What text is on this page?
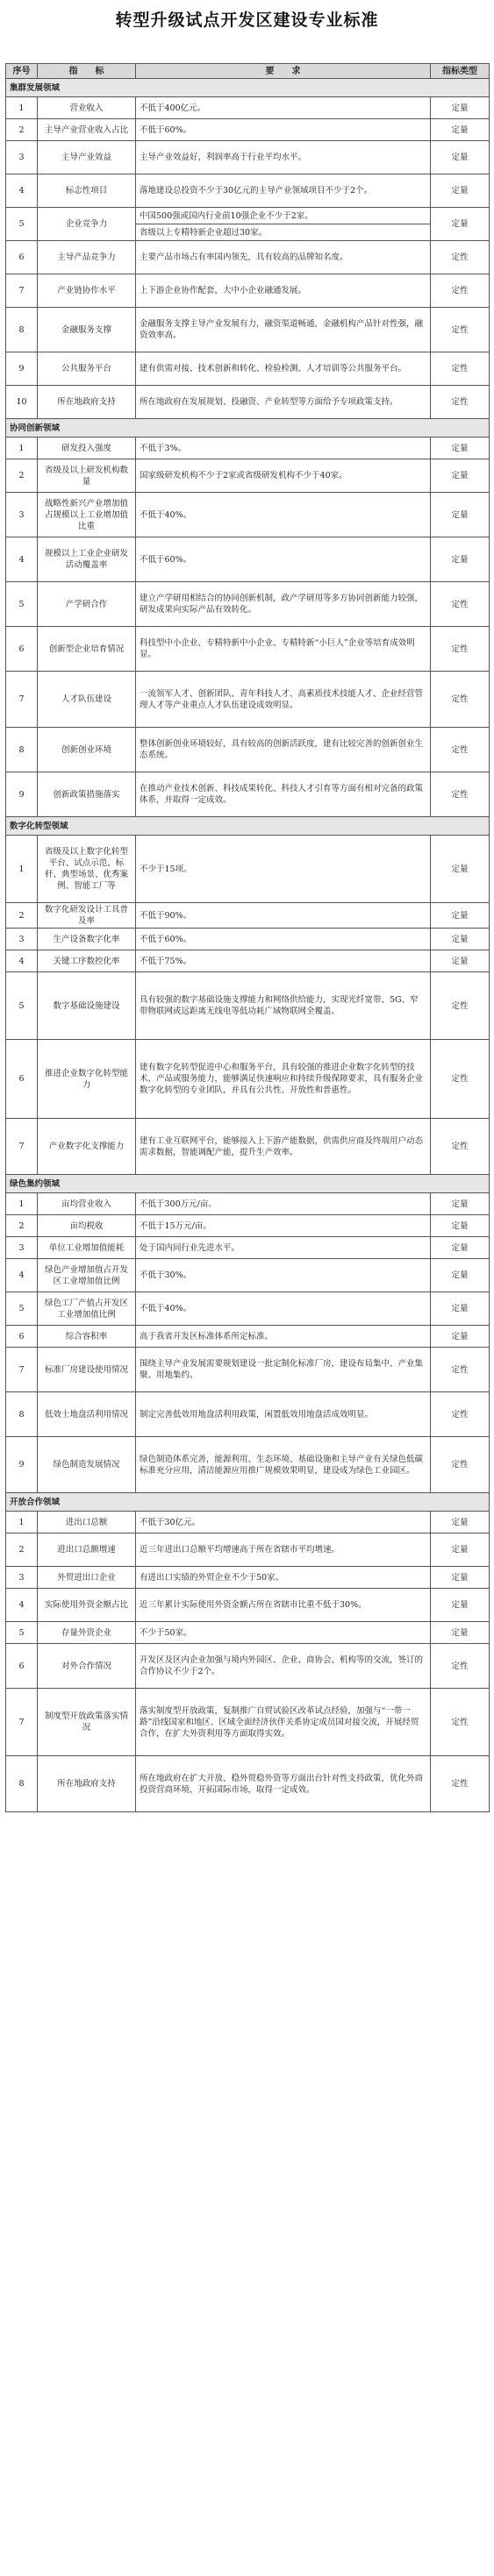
转型升级试点开发区建设专业标准
序号	指　　标	要　　求	指标类型
集群发展领域			
1	营业收入	不低于400亿元。	定量
2	主导产业营业收入占比	不低于60%。	定量
3	主导产业效益	主导产业效益好，利润率高于行业平均水平。	定量
4	标志性项目	落地建设总投资不少于30亿元的主导产业领域项目不少于2个。	定量
5	企业竞争力	中国500强或国内行业前10强企业不少于2家。	定量
		省级以上专精特新企业超过30家。	
6	主导产品竞争力	主要产品市场占有率国内领先，具有较高的品牌知名度。	定性
7	产业链协作水平	上下游企业协作配套，大中小企业融通发展。	定性
8	金融服务支撑	金融服务支撑主导产业发展有力，融资渠道畅通，金融机构产品针对性强，融资效率高。	定性
9	公共服务平台	建有供需对接、技术创新和转化、检验检测、人才培训等公共服务平台。	定性
10	所在地政府支持	所在地政府在发展规划、投融资、产业转型等方面给予专项政策支持。	定性
协同创新领域			
1	研发投入强度	不低于3%。	定量
2	省级及以上研发机构数量	国家级研发机构不少于2家或省级研发机构不少于40家。	定量
3	战略性新兴产业增加值占规模以上工业增加值比重	不低于40%。	定量
4	规模以上工业企业研发活动覆盖率	不低于60%。	定量
5	产学研合作	建立产学研用相结合的协同创新机制，政产学研用等多方协同创新能力较强，研发成果向实际产品有效转化。	定性
6	创新型企业培育情况	科技型中小企业、专精特新中小企业、专精特新“小巨人”企业等培育成效明显。	定性
7	人才队伍建设	一流领军人才、创新团队、青年科技人才、高素质技术技能人才、企业经营管理人才等产业重点人才队伍建设成效明显。	定性
8	创新创业环境	整体创新创业环境较好，具有较高的创新活跃度，建有比较完善的创新创业生态系统。	定性
9	创新政策措施落实	在推动产业技术创新、科技成果转化、科技人才引育等方面有相对完备的政策体系，并取得一定成效。	定性
数字化转型领域			
1	省级及以上数字化转型平台、试点示范、标杆、典型场景、优秀案例、智能工厂等	不少于15项。	定量
2	数字化研发设计工具普及率	不低于90%。	定量
3	生产设备数字化率	不低于60%。	定量
4	关键工序数控化率	不低于75%。	定量
5	数字基础设施建设	具有较强的数字基础设施支撑能力和网络供给能力，实现光纤宽带、5G、窄带物联网或远距离无线电等低功耗广域物联网全覆盖。	定性
6	推进企业数字化转型能力	建有数字化转型促进中心和服务平台，具有较强的推进企业数字化转型的技术、产品或服务能力，能够满足快速响应和持续升级保障要求，具有服务企业数字化转型的专业团队，并具有公共性、开放性和普惠性。	定性
7	产业数字化支撑能力	建有工业互联网平台，能够接入上下游产能数据，供需供应商及终端用户动态需求数据，智能调配产能，提升生产效率。	定性
绿色集约领域			
1	亩均营业收入	不低于300万元/亩。	定量
2	亩均税收	不低于15万元/亩。	定量
3	单位工业增加值能耗	处于国内同行业先进水平。	定量
4	绿色产业增加值占开发区工业增加值比例	不低于30%。	定量
5	绿色工厂产值占开发区工业增加值比例	不低于40%。	定量
6	综合容积率	高于我省开发区标准体系所定标准。	定量
7	标准厂房建设使用情况	围绕主导产业发展需要规划建设一批定制化标准厂房，建设布局集中、产业集聚、用地集约。	定性
8	低效土地盘活利用情况	制定完善低效用地盘活利用政策，闲置低效用地盘活成效明显。	定性
9	绿色制造发展情况	绿色制造体系完善，能源利用、生态环境、基础设施和主导产业有关绿色低碳标准充分应用，清洁能源应用推广规模效果明显，建设成为绿色工业园区。	定性
开放合作领域			
1	进出口总额	不低于30亿元。	定量
2	进出口总额增速	近三年进出口总额平均增速高于所在省辖市平均增速。	定量
3	外贸进出口企业	有进出口实绩的外贸企业不少于50家。	定量
4	实际使用外资金额占比	近三年累计实际使用外资金额占所在省辖市比重不低于30%。	定量
5	存量外资企业	不少于50家。	定量
6	对外合作情况	开发区及区内企业加强与境内外园区、企业、商协会、机构等的交流，签订的合作协议不少于2个。	定性
7	制度型开放政策落实情况	落实制度型开放政策，复制推广自贸试验区改革试点经验，加强与“一带一路”沿线国家和地区、区域全面经济伙伴关系协定成员国对接交流，开展经贸合作，在扩大外资利用等方面取得实效。	定性
8	所在地政府支持	所在地政府在扩大开放、稳外贸稳外资等方面出台针对性支持政策，优化外商投资营商环境，开拓国际市场，取得一定成效。	定性
